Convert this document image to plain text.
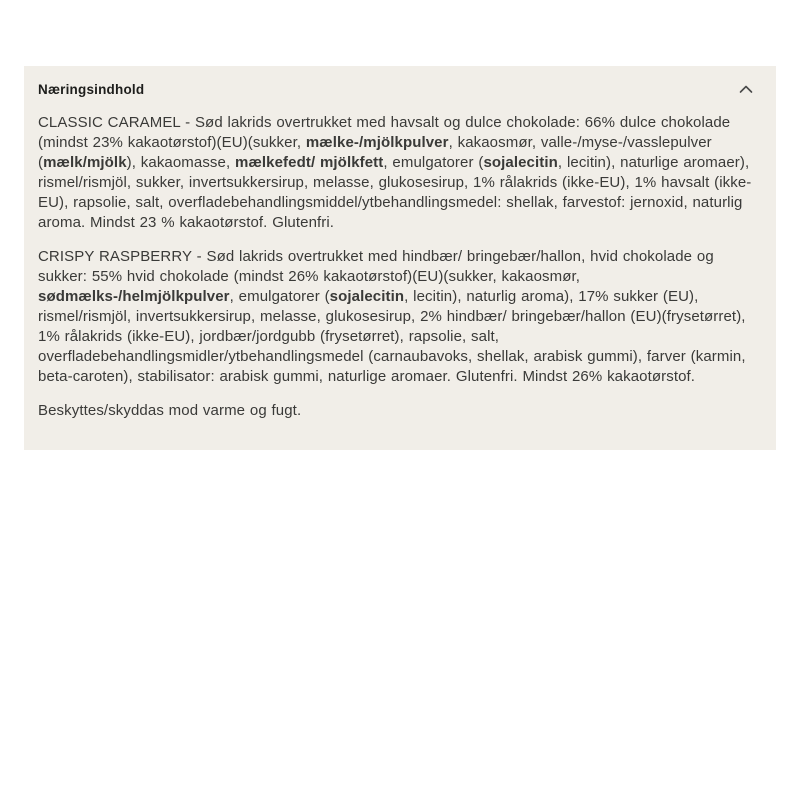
Næringsindhold

CLASSIC CARAMEL - Sød lakrids overtrukket med havsalt og dulce chokolade: 66% dulce chokolade (mindst 23% kakaotørstof)(EU)(sukker, mælke-/mjölkpulver, kakaosmør, valle-/myse-/vasslepulver (mælk/mjölk), kakaomasse, mælkefedt/ mjölkfett, emulgatorer (sojalecitin, lecitin), naturlige aromaer), rismel/rismjöl, sukker, invertsukkersirup, melasse, glukosesirup, 1% rålakrids (ikke-EU), 1% havsalt (ikke-EU), rapsolie, salt, overfladebehandlingsmiddel/ytbehandlingsmedel: shellak, farvestof: jernoxid, naturlig aroma. Mindst 23 % kakaotørstof. Glutenfri.

CRISPY RASPBERRY - Sød lakrids overtrukket med hindbær/ bringebær/hallon, hvid chokolade og sukker: 55% hvid chokolade (mindst 26% kakaotørstof)(EU)(sukker, kakaosmør, sødmælks-/helmjölkpulver, emulgatorer (sojalecitin, lecitin), naturlig aroma), 17% sukker (EU), rismel/rismjöl, invertsukkersirup, melasse, glukosesirup, 2% hindbær/ bringebær/hallon (EU)(frysetørret), 1% rålakrids (ikke-EU), jordbær/jordgubb (frysetørret), rapsolie, salt, overfladebehandlingsmidler/ytbehandlingsmedel (carnaubavoks, shellak, arabisk gummi), farver (karmin, beta-caroten), stabilisator: arabisk gummi, naturlige aromaer. Glutenfri. Mindst 26% kakaotørstof.

Beskyttes/skyddas mod varme og fugt.
